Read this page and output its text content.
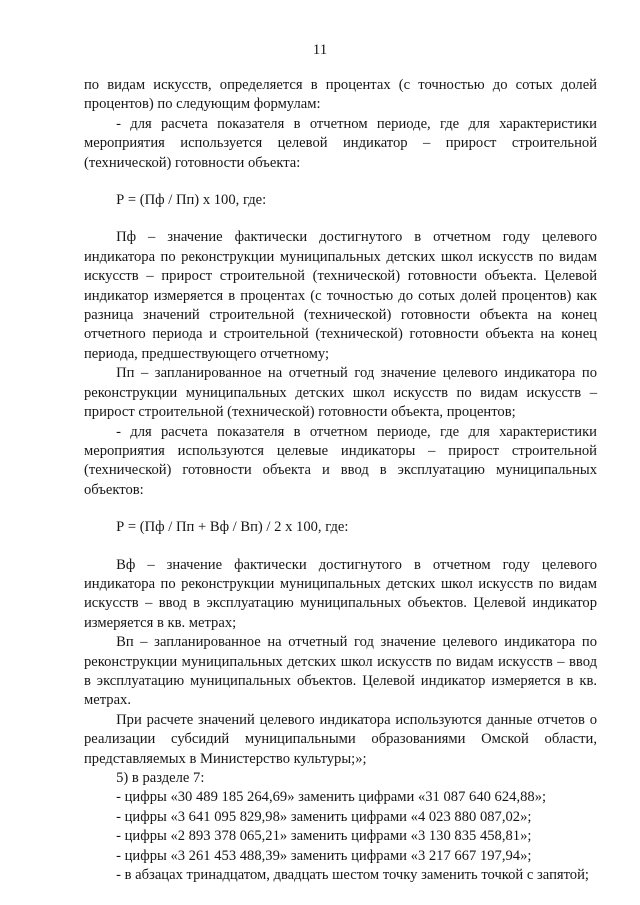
11

по видам искусств, определяется в процентах (с точностью до сотых долей процентов) по следующим формулам:

- для расчета показателя в отчетном периоде, где для характеристики мероприятия используется целевой индикатор – прирост строительной (технической) готовности объекта:

Р = (Пф / Пп) х 100, где:

Пф – значение фактически достигнутого в отчетном году целевого индикатора по реконструкции муниципальных детских школ искусств по видам искусств – прирост строительной (технической) готовности объекта. Целевой индикатор измеряется в процентах (с точностью до сотых долей процентов) как разница значений строительной (технической) готовности объекта на конец отчетного периода и строительной (технической) готовности объекта на конец периода, предшествующего отчетному;

Пп – запланированное на отчетный год значение целевого индикатора по реконструкции муниципальных детских школ искусств по видам искусств – прирост строительной (технической) готовности объекта, процентов;

- для расчета показателя в отчетном периоде, где для характеристики мероприятия используются целевые индикаторы – прирост строительной (технической) готовности объекта и ввод в эксплуатацию муниципальных объектов:

Р = (Пф / Пп + Вф / Вп) / 2 х 100, где:

Вф – значение фактически достигнутого в отчетном году целевого индикатора по реконструкции муниципальных детских школ искусств по видам искусств – ввод в эксплуатацию муниципальных объектов. Целевой индикатор измеряется в кв. метрах;

Вп – запланированное на отчетный год значение целевого индикатора по реконструкции муниципальных детских школ искусств по видам искусств – ввод в эксплуатацию муниципальных объектов. Целевой индикатор измеряется в кв. метрах.

При расчете значений целевого индикатора используются данные отчетов о реализации субсидий муниципальными образованиями Омской области, представляемых в Министерство культуры;»;

5) в разделе 7:

- цифры «30 489 185 264,69» заменить цифрами «31 087 640 624,88»;

- цифры «3 641 095 829,98» заменить цифрами «4 023 880 087,02»;

- цифры «2 893 378 065,21» заменить цифрами «3 130 835 458,81»;

- цифры «3 261 453 488,39» заменить цифрами «3 217 667 197,94»;

- в абзацах тринадцатом, двадцать шестом точку заменить точкой с запятой;
